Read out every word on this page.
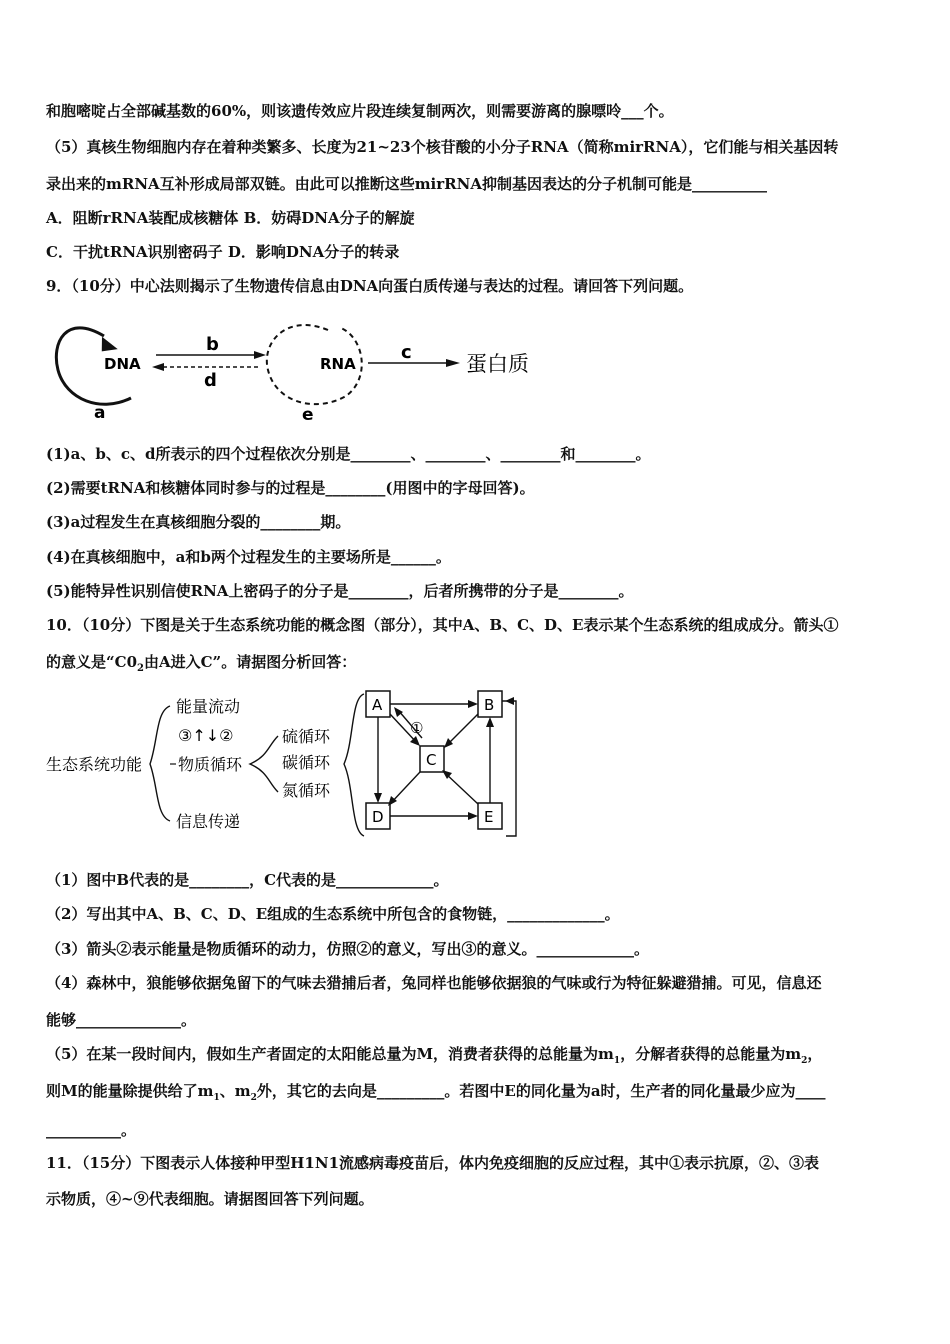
和胞嘧啶占全部碱基数的60%，则该遗传效应片段连续复制两次，则需要游离的腺嘌呤___个。
（5）真核生物细胞内存在着种类繁多、长度为21~23个核苷酸的小分子RNA（简称mirRNA），它们能与相关基因转
录出来的mRNA互补形成局部双链。由此可以推断这些mirRNA抑制基因表达的分子机制可能是__________
A．阻断rRNA装配成核糖体 B．妨碍DNA分子的解旋
C．干扰tRNA识别密码子 D．影响DNA分子的转录
9．（10分）中心法则揭示了生物遗传信息由DNA向蛋白质传递与表达的过程。请回答下列问题。
DNA
a
b
d
RNA
e
c	蛋白质
(1)a、b、c、d所表示的四个过程依次分别是________、________、________和________。
(2)需要tRNA和核糖体同时参与的过程是________(用图中的字母回答)。
(3)a过程发生在真核细胞分裂的________期。
(4)在真核细胞中，a和b两个过程发生的主要场所是______。
(5)能特异性识别信使RNA上密码子的分子是________，后者所携带的分子是________。
10．（10分）下图是关于生态系统功能的概念图（部分），其中A、B、C、D、E表示某个生态系统的组成成分。箭头①
的意义是“$C0_2$由A进入C”。请据图分析回答：
生态系统功能
能量流动
③↑↓②
物质循环
信息传递
硫循环
碳循环
氮循环
A	B
C
D	E
①
（1）图中B代表的是________，C代表的是_____________。
（2）写出其中A、B、C、D、E组成的生态系统中所包含的食物链，_____________。
（3）箭头②表示能量是物质循环的动力，仿照②的意义，写出③的意义。_____________。
（4）森林中，狼能够依据兔留下的气味去猎捕后者，兔同样也能够依据狼的气味或行为特征躲避猎捕。可见，信息还
能够______________。
（5）在某一段时间内，假如生产者固定的太阳能总量为M，消费者获得的总能量为$m_1$，分解者获得的总能量为$m_2$，
则M的能量除提供给了$m_1$、$m_2$外，其它的去向是_________。若图中E的同化量为a时，生产者的同化量最少应为____
__________。
11．（15分）下图表示人体接种甲型H1N1流感病毒疫苗后，体内免疫细胞的反应过程，其中①表示抗原，②、③表
示物质，④~⑨代表细胞。请据图回答下列问题。
